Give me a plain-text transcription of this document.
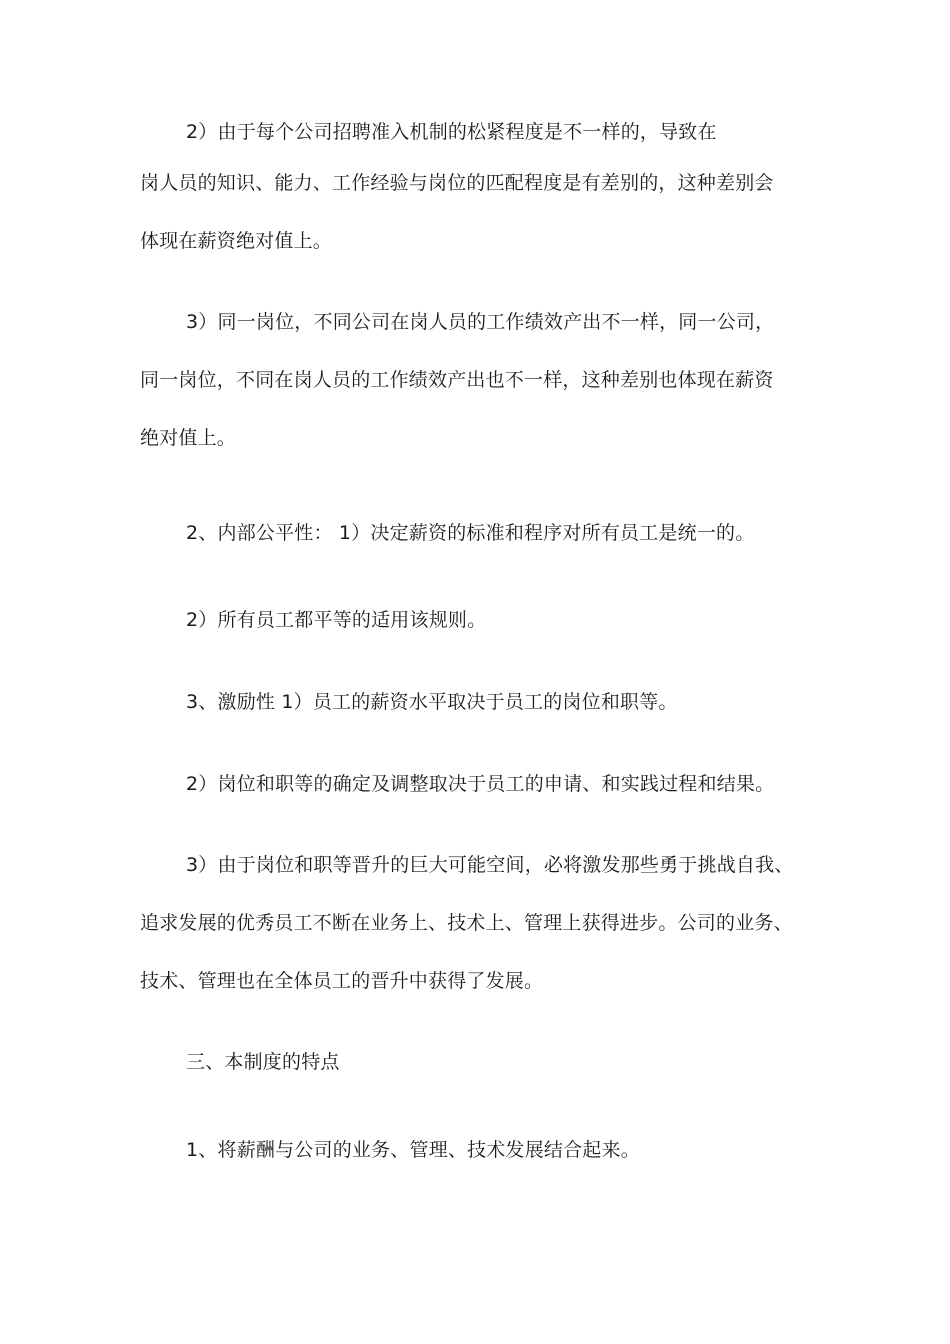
2）由于每个公司招聘准入机制的松紧程度是不一样的，导致在
岗人员的知识、能力、工作经验与岗位的匹配程度是有差别的，这种差别会
体现在薪资绝对值上。
3）同一岗位，不同公司在岗人员的工作绩效产出不一样，同一公司，
同一岗位，不同在岗人员的工作绩效产出也不一样，这种差别也体现在薪资
绝对值上。
2、内部公平性： 1）决定薪资的标准和程序对所有员工是统一的。
2）所有员工都平等的适用该规则。
3、激励性 1）员工的薪资水平取决于员工的岗位和职等。
2）岗位和职等的确定及调整取决于员工的申请、和实践过程和结果。
3）由于岗位和职等晋升的巨大可能空间，必将激发那些勇于挑战自我、
追求发展的优秀员工不断在业务上、技术上、管理上获得进步。公司的业务、
技术、管理也在全体员工的晋升中获得了发展。
三、本制度的特点
1、将薪酬与公司的业务、管理、技术发展结合起来。
